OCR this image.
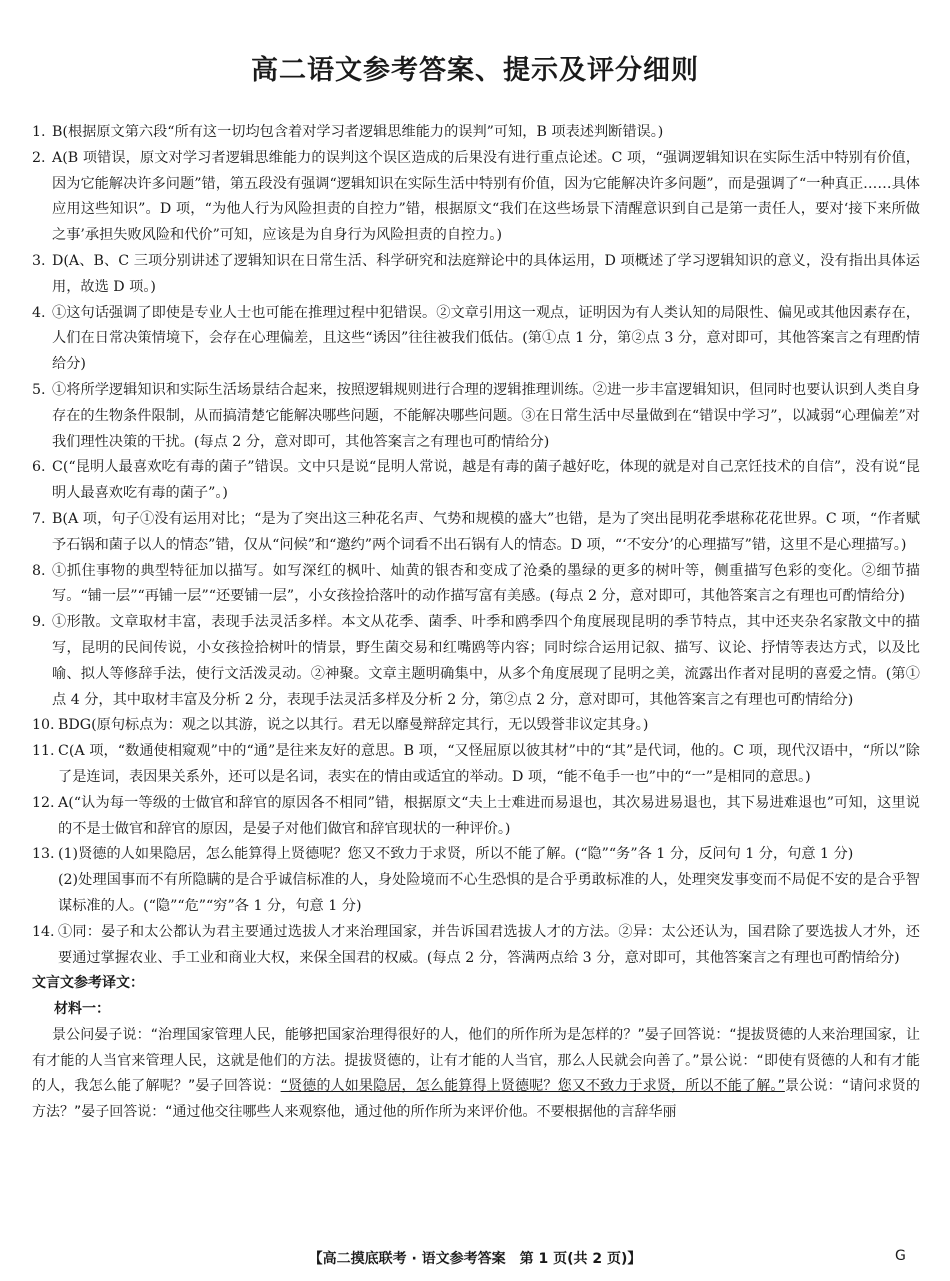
高二语文参考答案、提示及评分细则
1. B(根据原文第六段“所有这一切均包含着对学习者逻辑思维能力的误判”可知，B 项表述判断错误。)
2. A(B 项错误，原文对学习者逻辑思维能力的误判这个误区造成的后果没有进行重点论述。C 项，“强调逻辑知识在实际生活中特别有价值，因为它能解决许多问题”错，第五段没有强调“逻辑知识在实际生活中特别有价值，因为它能解决许多问题”，而是强调了“一种真正……具体应用这些知识”。D 项，“为他人行为风险担责的自控力”错，根据原文“我们在这些场景下清醒意识到自己是第一责任人，要对‘接下来所做之事’承担失败风险和代价”可知，应该是为自身行为风险担责的自控力。)
3. D(A、B、C 三项分别讲述了逻辑知识在日常生活、科学研究和法庭辩论中的具体运用，D 项概述了学习逻辑知识的意义，没有指出具体运用，故选 D 项。)
4. ①这句话强调了即使是专业人士也可能在推理过程中犯错误。②文章引用这一观点，证明因为有人类认知的局限性、偏见或其他因素存在，人们在日常决策情境下，会存在心理偏差，且这些“诱因”往往被我们低估。(第①点 1 分，第②点 3 分，意对即可，其他答案言之有理酌情给分)
5. ①将所学逻辑知识和实际生活场景结合起来，按照逻辑规则进行合理的逻辑推理训练。②进一步丰富逻辑知识，但同时也要认识到人类自身存在的生物条件限制，从而搞清楚它能解决哪些问题，不能解决哪些问题。③在日常生活中尽量做到在“错误中学习”，以减弱“心理偏差”对我们理性决策的干扰。(每点 2 分，意对即可，其他答案言之有理也可酌情给分)
6. C(“昆明人最喜欢吃有毒的菌子”错误。文中只是说“昆明人常说，越是有毒的菌子越好吃，体现的就是对自己烹饪技术的自信”，没有说“昆明人最喜欢吃有毒的菌子”。)
7. B(A 项，句子①没有运用对比；“是为了突出这三种花名声、气势和规模的盛大”也错，是为了突出昆明花季堪称花花世界。C 项，“作者赋予石锅和菌子以人的情态”错，仅从“问候”和“邀约”两个词看不出石锅有人的情态。D 项，“‘不安分’的心理描写”错，这里不是心理描写。)
8. ①抓住事物的典型特征加以描写。如写深红的枫叶、灿黄的银杏和变成了沧桑的墨绿的更多的树叶等，侧重描写色彩的变化。②细节描写。“铺一层”“再铺一层”“还要铺一层”，小女孩捡拾落叶的动作描写富有美感。(每点 2 分，意对即可，其他答案言之有理也可酌情给分)
9. ①形散。文章取材丰富，表现手法灵活多样。本文从花季、菌季、叶季和鸥季四个角度展现昆明的季节特点，其中还夹杂名家散文中的描写，昆明的民间传说，小女孩捡拾树叶的情景，野生菌交易和红嘴鸥等内容；同时综合运用记叙、描写、议论、抒情等表达方式，以及比喻、拟人等修辞手法，使行文活泼灵动。②神聚。文章主题明确集中，从多个角度展现了昆明之美，流露出作者对昆明的喜爱之情。(第①点 4 分，其中取材丰富及分析 2 分，表现手法灵活多样及分析 2 分，第②点 2 分，意对即可，其他答案言之有理也可酌情给分)
10. BDG(原句标点为：观之以其游，说之以其行。君无以靡曼辩辞定其行，无以毁誉非议定其身。)
11. C(A 项，“数通使相窥观”中的“通”是往来友好的意思。B 项，“又怪屈原以彼其材”中的“其”是代词，他的。C 项，现代汉语中，“所以”除了是连词，表因果关系外，还可以是名词，表实在的情由或适宜的举动。D 项，“能不龟手一也”中的“一”是相同的意思。)
12. A(“认为每一等级的士做官和辞官的原因各不相同”错，根据原文“夫上士难进而易退也，其次易进易退也，其下易进难退也”可知，这里说的不是士做官和辞官的原因，是晏子对他们做官和辞官现状的一种评价。)
13. (1)贤德的人如果隐居，怎么能算得上贤德呢？您又不致力于求贤，所以不能了解。(“隐”“务”各 1 分，反问句 1 分，句意 1 分)
(2)处理国事而不有所隐瞒的是合乎诚信标准的人，身处险境而不心生恐惧的是合乎勇敢标准的人，处理突发事变而不局促不安的是合乎智谋标准的人。(“隐”“危”“穷”各 1 分，句意 1 分)
14. ①同：晏子和太公都认为君主要通过选拔人才来治理国家，并告诉国君选拔人才的方法。②异：太公还认为，国君除了要选拔人才外，还要通过掌握农业、手工业和商业大权，来保全国君的权威。(每点 2 分，答满两点给 3 分，意对即可，其他答案言之有理也可酌情给分)
文言文参考译文：
材料一：
景公问晏子说：“治理国家管理人民，能够把国家治理得很好的人，他们的所作所为是怎样的？”晏子回答说：“提拔贤德的人来治理国家，让有才能的人当官来管理人民，这就是他们的方法。提拔贤德的，让有才能的人当官，那么人民就会向善了。”景公说：“即使有贤德的人和有才能的人，我怎么能了解呢？”晏子回答说：“贤德的人如果隐居，怎么能算得上贤德呢？您又不致力于求贤，所以不能了解。”景公说：“请问求贤的方法？”晏子回答说：“通过他交往哪些人来观察他，通过他的所作所为来评价他。不要根据他的言辞华丽
【高二摸底联考 · 语文参考答案　第 1 页(共 2 页)】	G
